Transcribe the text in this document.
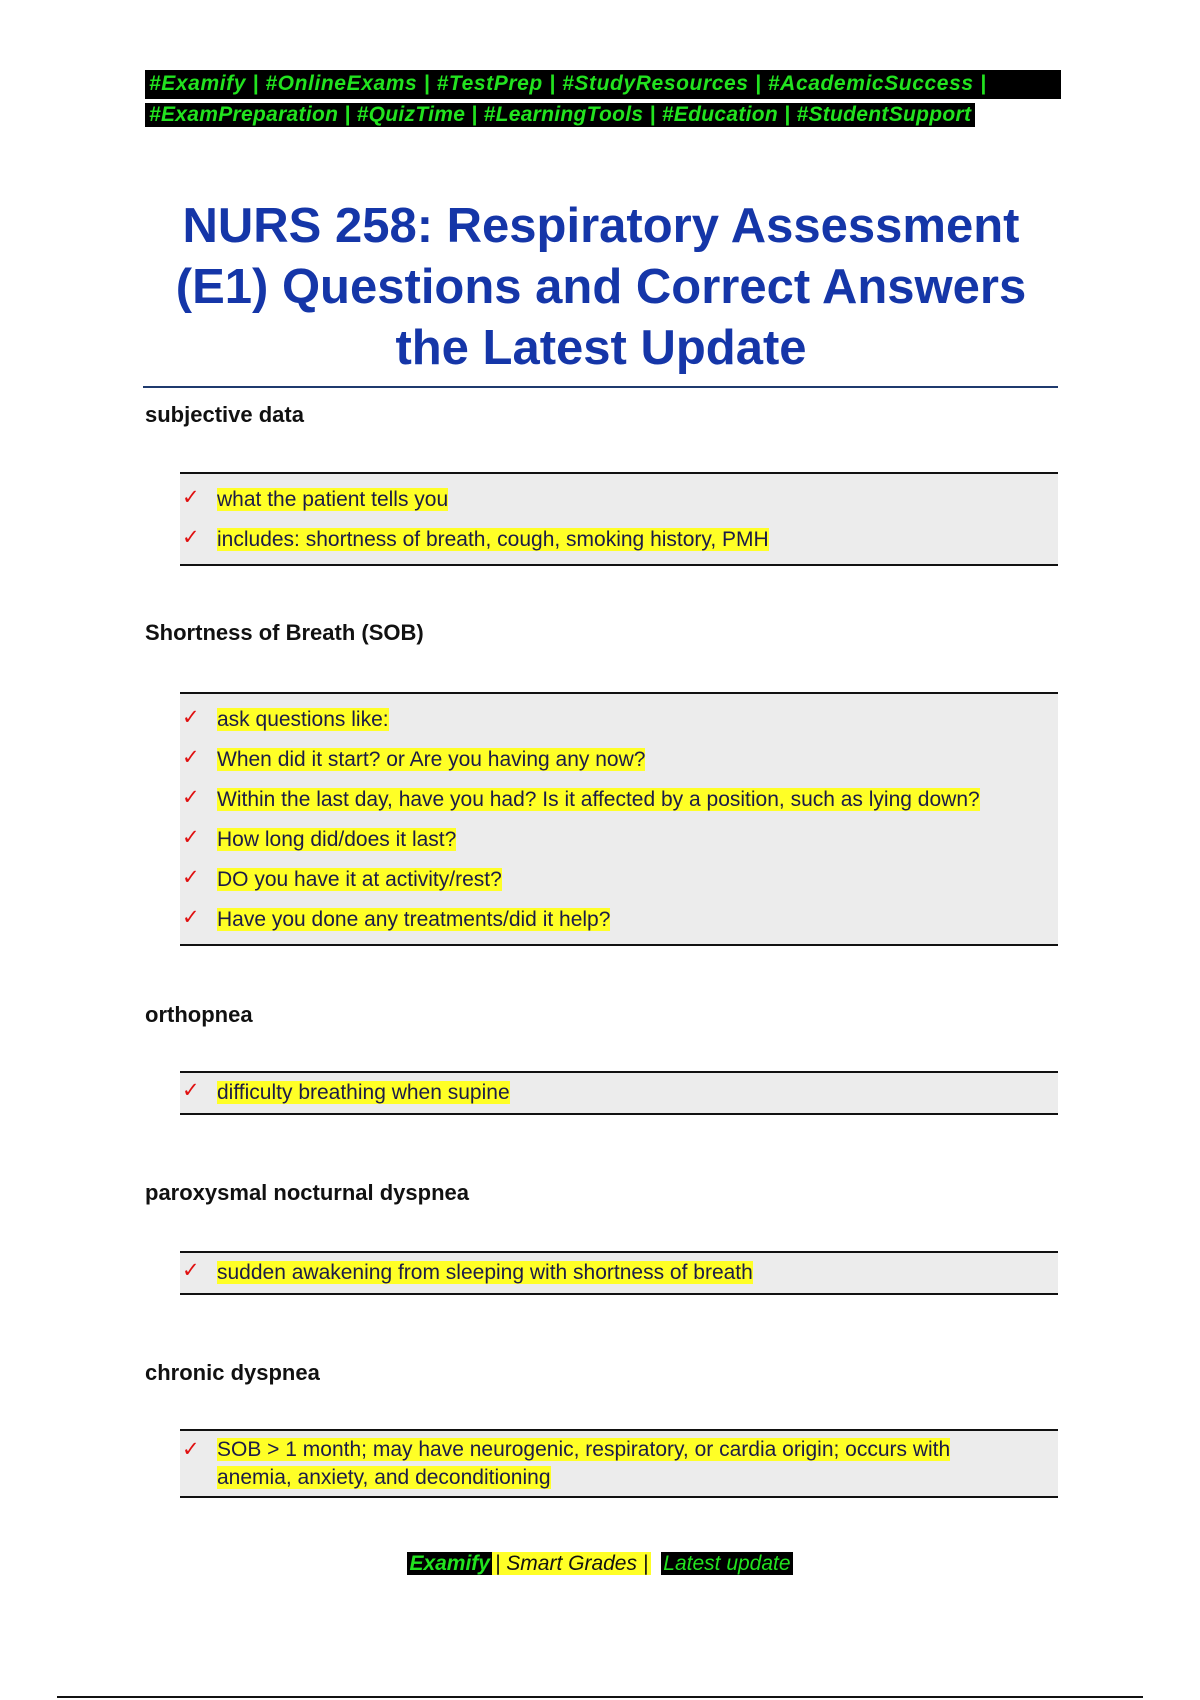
#Examify | #OnlineExams | #TestPrep | #StudyResources | #AcademicSuccess |
#ExamPreparation | #QuizTime | #LearningTools | #Education | #StudentSupport
NURS 258: Respiratory Assessment
(E1) Questions and Correct Answers
the Latest Update

subjective data

✓ what the patient tells you
✓ includes: shortness of breath, cough, smoking history, PMH

Shortness of Breath (SOB)

✓ ask questions like:
✓ When did it start? or Are you having any now?
✓ Within the last day, have you had? Is it affected by a position, such as lying down?
✓ How long did/does it last?
✓ DO you have it at activity/rest?
✓ Have you done any treatments/did it help?

orthopnea

✓ difficulty breathing when supine

paroxysmal nocturnal dyspnea

✓ sudden awakening from sleeping with shortness of breath

chronic dyspnea

✓ SOB > 1 month; may have neurogenic, respiratory, or cardia origin; occurs with anemia, anxiety, and deconditioning
Examify | Smart Grades | Latest update
